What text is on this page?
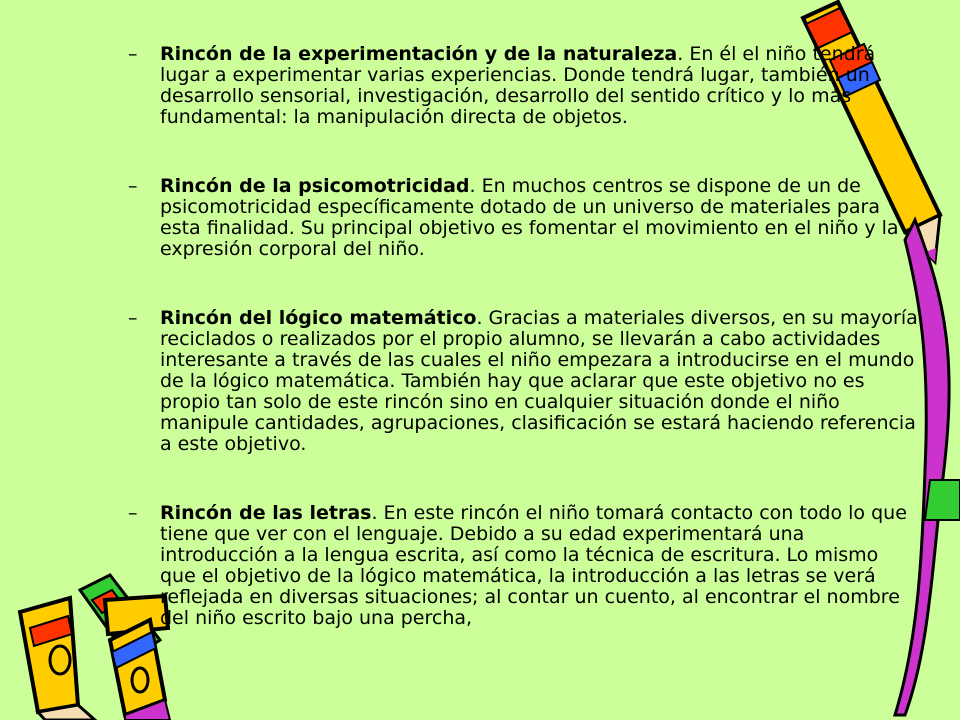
–	Rincón de la experimentación y de la naturaleza. En él el niño tendrá lugar a experimentar varias experiencias. Donde tendrá lugar, también un desarrollo sensorial, investigación, desarrollo del sentido crítico y lo más fundamental: la manipulación directa de objetos.
–	Rincón de la psicomotricidad. En muchos centros se dispone de un de psicomotricidad específicamente dotado de un universo de materiales para esta finalidad. Su principal objetivo es fomentar el movimiento en el niño y la expresión corporal del niño.
–	Rincón del lógico matemático. Gracias a materiales diversos, en su mayoría reciclados o realizados por el propio alumno, se llevarán a cabo actividades interesante a través de las cuales el niño empezara a introducirse en el mundo de la lógico matemática. También hay que aclarar que este objetivo no es propio tan solo de este rincón sino en cualquier situación donde el niño manipule cantidades, agrupaciones, clasificación se estará haciendo referencia a este objetivo.
–	Rincón de las letras. En este rincón el niño tomará contacto con todo lo que tiene que ver con el lenguaje. Debido a su edad experimentará una introducción a la lengua escrita, así como la técnica de escritura. Lo mismo que el objetivo de la lógico matemática, la introducción a las letras se verá reflejada en diversas situaciones; al contar un cuento, al encontrar el nombre del niño escrito bajo una percha,
